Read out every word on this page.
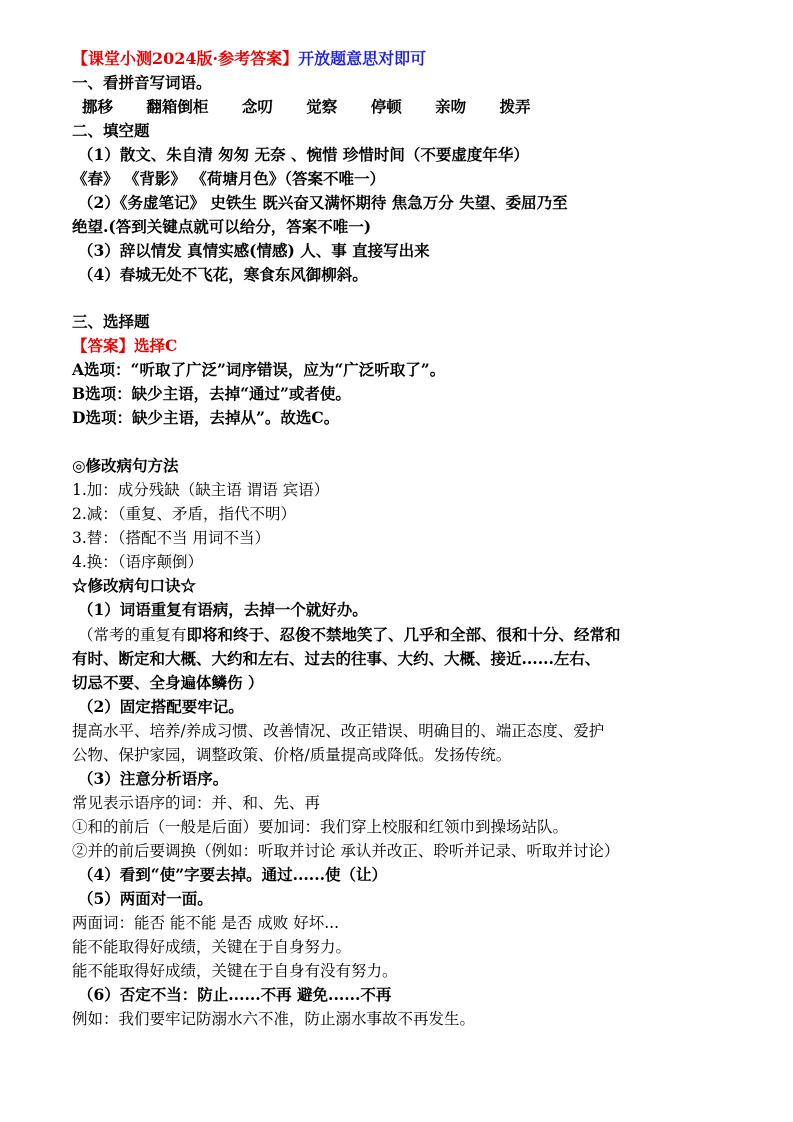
【课堂小测2024版·参考答案】开放题意思对即可
一、看拼音写词语。
挪移 翻箱倒柜 念叨 觉察 停顿 亲吻 拨弄
二、填空题
（1）散文、朱自清 匆匆 无奈 、惋惜 珍惜时间（不要虚度年华）
《春》 《背影》 《荷塘月色》（答案不唯一）
（2）《务虚笔记》 史铁生 既兴奋又满怀期待 焦急万分 失望、委屈乃至
绝望.(答到关键点就可以给分，答案不唯一)
（3）辞以情发 真情实感(情感) 人、事 直接写出来
（4）春城无处不飞花，寒食东风御柳斜。
三、选择题
【答案】选择C
A选项：“听取了广泛”词序错误，应为“广泛听取了”。
B选项：缺少主语，去掉“通过”或者使。
D选项：缺少主语，去掉从”。故选C。
◎修改病句方法
1.加：成分残缺（缺主语 谓语 宾语）
2.减：（重复、矛盾，指代不明）
3.替：（搭配不当 用词不当）
4.换：（语序颠倒）
☆修改病句口诀☆
（1）词语重复有语病，去掉一个就好办。
（常考的重复有即将和终于、忍俊不禁地笑了、几乎和全部、很和十分、经常和
有时、断定和大概、大约和左右、过去的往事、大约、大概、接近......左右、
切忌不要、全身遍体鳞伤 ）
（2）固定搭配要牢记。
提高水平、培养/养成习惯、改善情况、改正错误、明确目的、端正态度、爱护
公物、保护家园，调整政策、价格/质量提高或降低。发扬传统。
（3）注意分析语序。
常见表示语序的词：并、和、先、再
①和的前后（一般是后面）要加词：我们穿上校服和红领巾到操场站队。
②并的前后要调换（例如：听取并讨论 承认并改正、聆听并记录、听取并讨论）
（4）看到“使”字要去掉。通过......使（让）
（5）两面对一面。
两面词：能否 能不能 是否 成败 好坏...
能不能取得好成绩，关键在于自身努力。
能不能取得好成绩，关键在于自身有没有努力。
（6）否定不当：防止......不再 避免......不再
例如：我们要牢记防溺水六不准，防止溺水事故不再发生。
